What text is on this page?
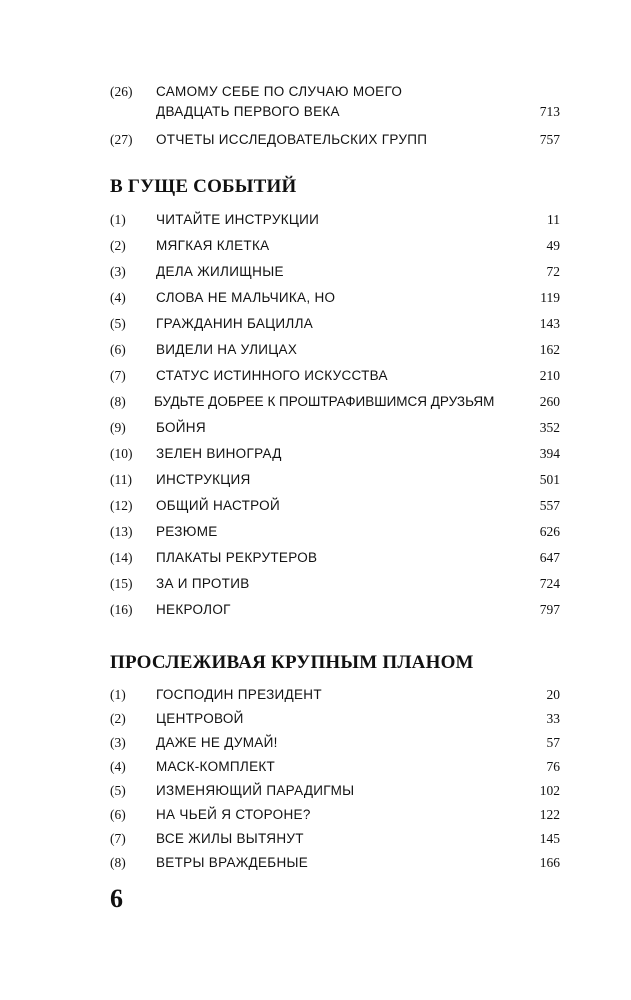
(26) САМОМУ СЕБЕ ПО СЛУЧАЮ МОЕГО
ДВАДЦАТЬ ПЕРВОГО ВЕКА	713
(27) ОТЧЕТЫ ИССЛЕДОВАТЕЛЬСКИХ ГРУПП	757
В ГУЩЕ СОБЫТИЙ
(1) ЧИТАЙТЕ ИНСТРУКЦИИ	11
(2) МЯГКАЯ КЛЕТКА	49
(3) ДЕЛА ЖИЛИЩНЫЕ	72
(4) СЛОВА НЕ МАЛЬЧИКА, НО	119
(5) ГРАЖДАНИН БАЦИЛЛА	143
(6) ВИДЕЛИ НА УЛИЦАХ	162
(7) СТАТУС ИСТИННОГО ИСКУССТВА	210
(8) БУДЬТЕ ДОБРЕЕ К ПРОШТРАФИВШИМСЯ ДРУЗЬЯМ	260
(9) БОЙНЯ	352
(10) ЗЕЛЕН ВИНОГРАД	394
(11) ИНСТРУКЦИЯ	501
(12) ОБЩИЙ НАСТРОЙ	557
(13) РЕЗЮМЕ	626
(14) ПЛАКАТЫ РЕКРУТЕРОВ	647
(15) ЗА И ПРОТИВ	724
(16) НЕКРОЛОГ	797
ПРОСЛЕЖИВАЯ КРУПНЫМ ПЛАНОМ
(1) ГОСПОДИН ПРЕЗИДЕНТ	20
(2) ЦЕНТРОВОЙ	33
(3) ДАЖЕ НЕ ДУМАЙ!	57
(4) МАСК-КОМПЛЕКТ	76
(5) ИЗМЕНЯЮЩИЙ ПАРАДИГМЫ	102
(6) НА ЧЬЕЙ Я СТОРОНЕ?	122
(7) ВСЕ ЖИЛЫ ВЫТЯНУТ	145
(8) ВЕТРЫ ВРАЖДЕБНЫЕ	166
6
